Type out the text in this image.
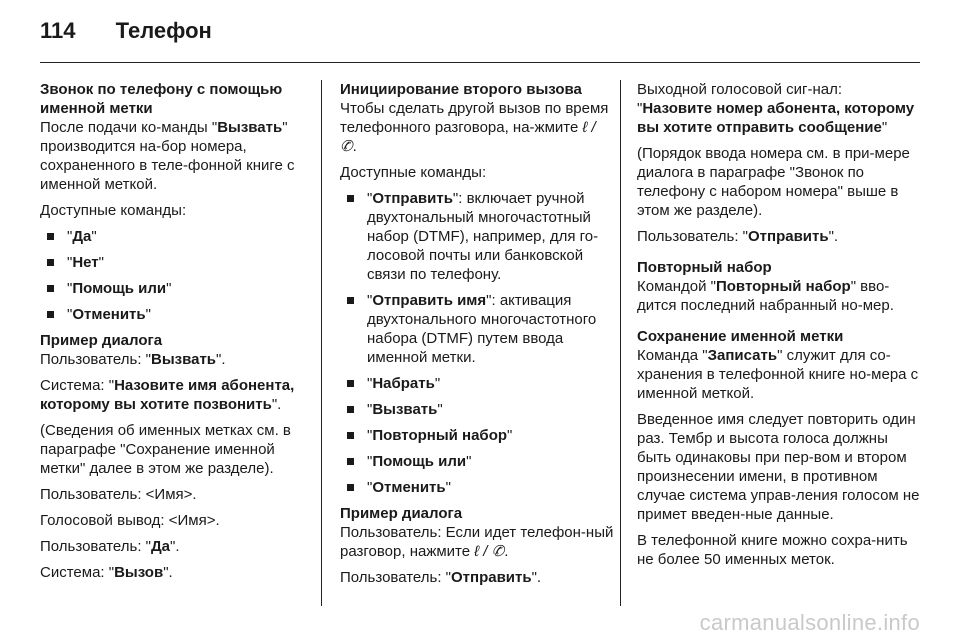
114 Телефон
Звонок по телефону с помощью именной метки

После подачи ко-манды "Вызвать" производится на-бор номера, сохраненного в теле-фонной книге с именной меткой.

Доступные команды:

"Да"
"Нет"
"Помощь или"
"Отменить"
Пример диалога

Пользователь: "Вызвать".

Система: "Назовите имя абонента, которому вы хотите позвонить".

(Сведения об именных метках см. в параграфе "Сохранение именной метки" далее в этом же разделе).

Пользователь: <Имя>.

Голосовой вывод: <Имя>.

Пользователь: "Да".

Система: "Вызов".

Инициирование второго вызова

Чтобы сделать другой вызов по время телефонного разговора, на-жмите ℓ / ✆.

Доступные команды:

"Отправить": включает ручной двухтональный многочастотный набор (DTMF), например, для го-лосовой почты или банковской связи по телефону.
"Отправить имя": активация двухтонального многочастотного набора (DTMF) путем ввода именной метки.
"Набрать"
"Вызвать"
"Повторный набор"
"Помощь или"
"Отменить"
Пример диалога

Пользователь: Если идет телефон-ный разговор, нажмите ℓ / ✆.

Пользователь: "Отправить".

Выходной голосовой сиг-нал: "Назовите номер абонента, которому вы хотите отправить сообщение"

(Порядок ввода номера см. в при-мере диалога в параграфе "Звонок по телефону с набором номера" выше в этом же разделе).

Пользователь: "Отправить".

Повторный набор

Командой "Повторный набор" вво-дится последний набранный но-мер.

Сохранение именной метки

Команда "Записать" служит для со-хранения в телефонной книге но-мера с именной меткой.

Введенное имя следует повторить один раз. Тембр и высота голоса должны быть одинаковы при пер-вом и втором произнесении имени, в противном случае система управ-ления голосом не примет введен-ные данные.

В телефонной книге можно сохра-нить не более 50 именных меток.

carmanualsonline.info
